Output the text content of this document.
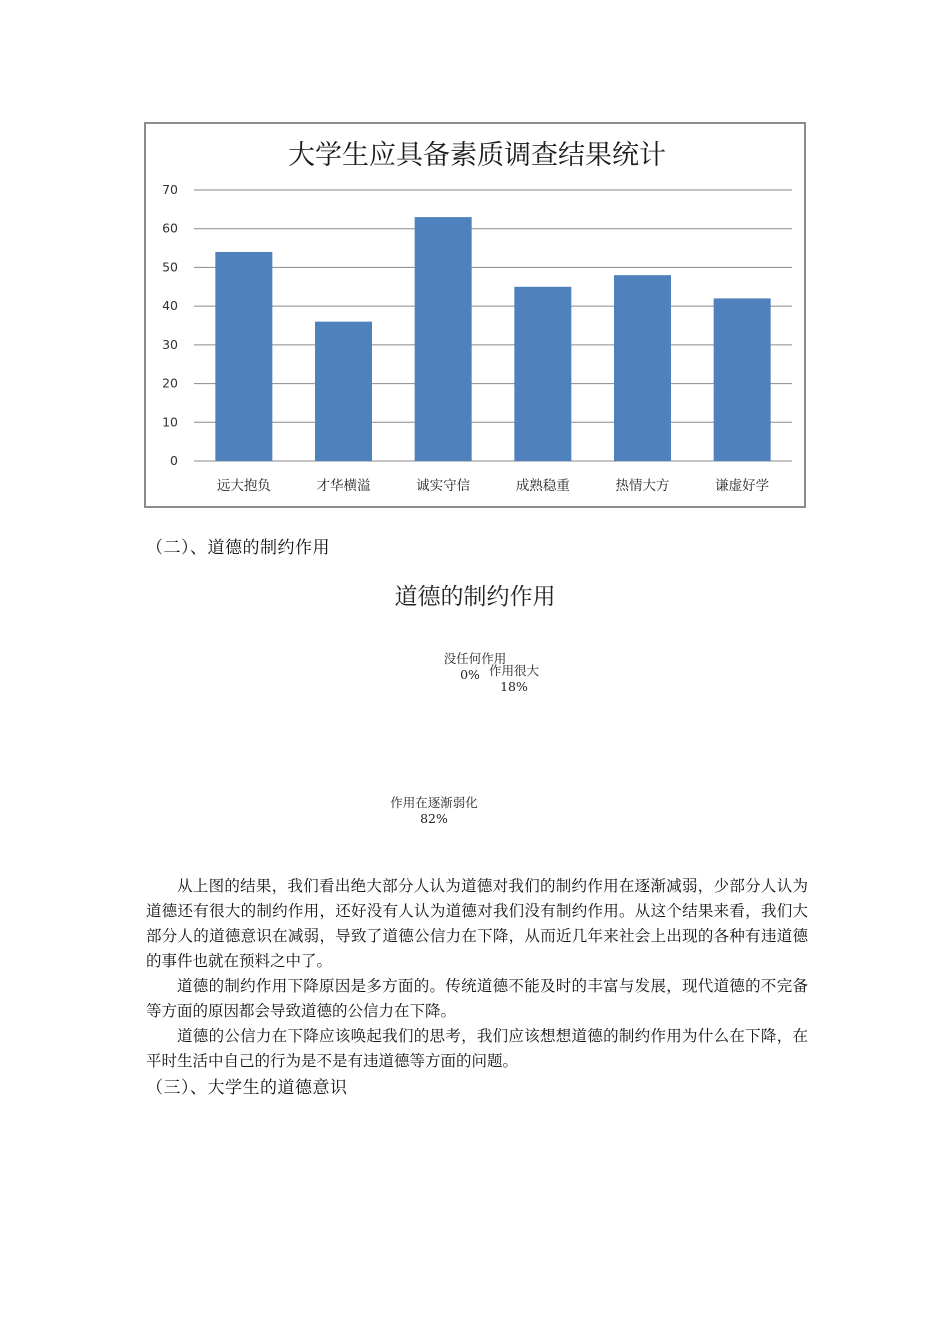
大学生应具备素质调查结果统计
0
10
20
30
40
50
60
70
远大抱负	才华横溢	诚实守信	成熟稳重	热情大方	谦虚好学
（二）、道德的制约作用
道德的制约作用
没任何作用
0% 作用很大
18%
作用在逐渐弱化
82%

从上图的结果，我们看出绝大部分人认为道德对我们的制约作用在逐渐减弱，少部分人认为道德还有很大的制约作用，还好没有人认为道德对我们没有制约作用。从这个结果来看，我们大部分人的道德意识在减弱，导致了道德公信力在下降，从而近几年来社会上出现的各种有违道德的事件也就在预料之中了。

道德的制约作用下降原因是多方面的。传统道德不能及时的丰富与发展，现代道德的不完备等方面的原因都会导致道德的公信力在下降。

道德的公信力在下降应该唤起我们的思考，我们应该想想道德的制约作用为什么在下降，在平时生活中自己的行为是不是有违道德等方面的问题。

（三）、大学生的道德意识
